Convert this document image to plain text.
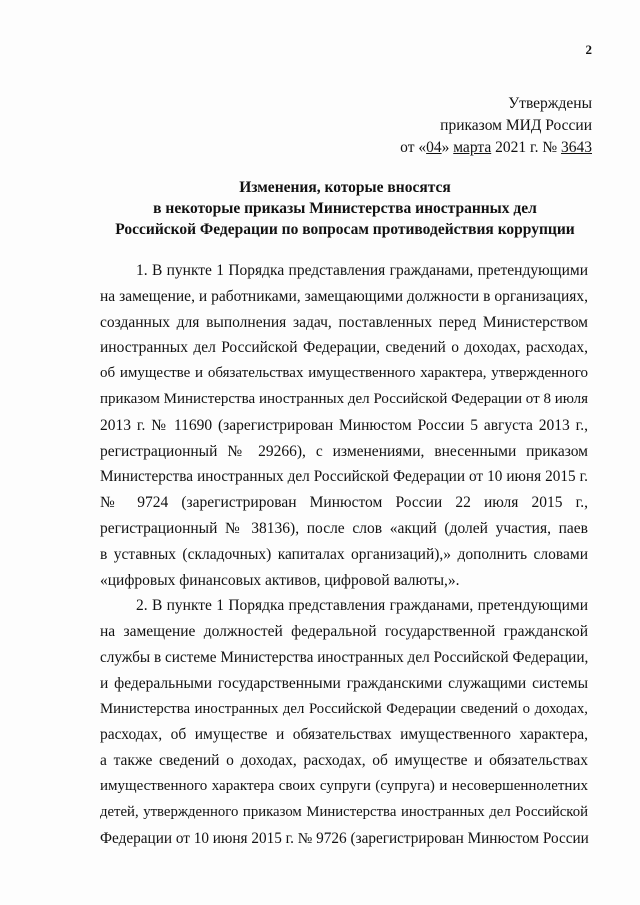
2
Утверждены
приказом МИД России
от «04» марта 2021 г. № 3643
Изменения, которые вносятся
в некоторые приказы Министерства иностранных дел
Российской Федерации по вопросам противодействия коррупции
1. В пункте 1 Порядка представления гражданами, претендующими
на замещение, и работниками, замещающими должности в организациях,
созданных для выполнения задач, поставленных перед Министерством
иностранных дел Российской Федерации, сведений о доходах, расходах,
об имуществе и обязательствах имущественного характера, утвержденного
приказом Министерства иностранных дел Российской Федерации от 8 июля
2013 г. № 11690 (зарегистрирован Минюстом России 5 августа 2013 г.,
регистрационный № 29266), с изменениями, внесенными приказом
Министерства иностранных дел Российской Федерации от 10 июня 2015 г.
№ 9724 (зарегистрирован Минюстом России 22 июля 2015 г.,
регистрационный № 38136), после слов «акций (долей участия, паев
в уставных (складочных) капиталах организаций),» дополнить словами
«цифровых финансовых активов, цифровой валюты,».
2. В пункте 1 Порядка представления гражданами, претендующими
на замещение должностей федеральной государственной гражданской
службы в системе Министерства иностранных дел Российской Федерации,
и федеральными государственными гражданскими служащими системы
Министерства иностранных дел Российской Федерации сведений о доходах,
расходах, об имуществе и обязательствах имущественного характера,
а также сведений о доходах, расходах, об имуществе и обязательствах
имущественного характера своих супруги (супруга) и несовершеннолетних
детей, утвержденного приказом Министерства иностранных дел Российской
Федерации от 10 июня 2015 г. № 9726 (зарегистрирован Минюстом России
